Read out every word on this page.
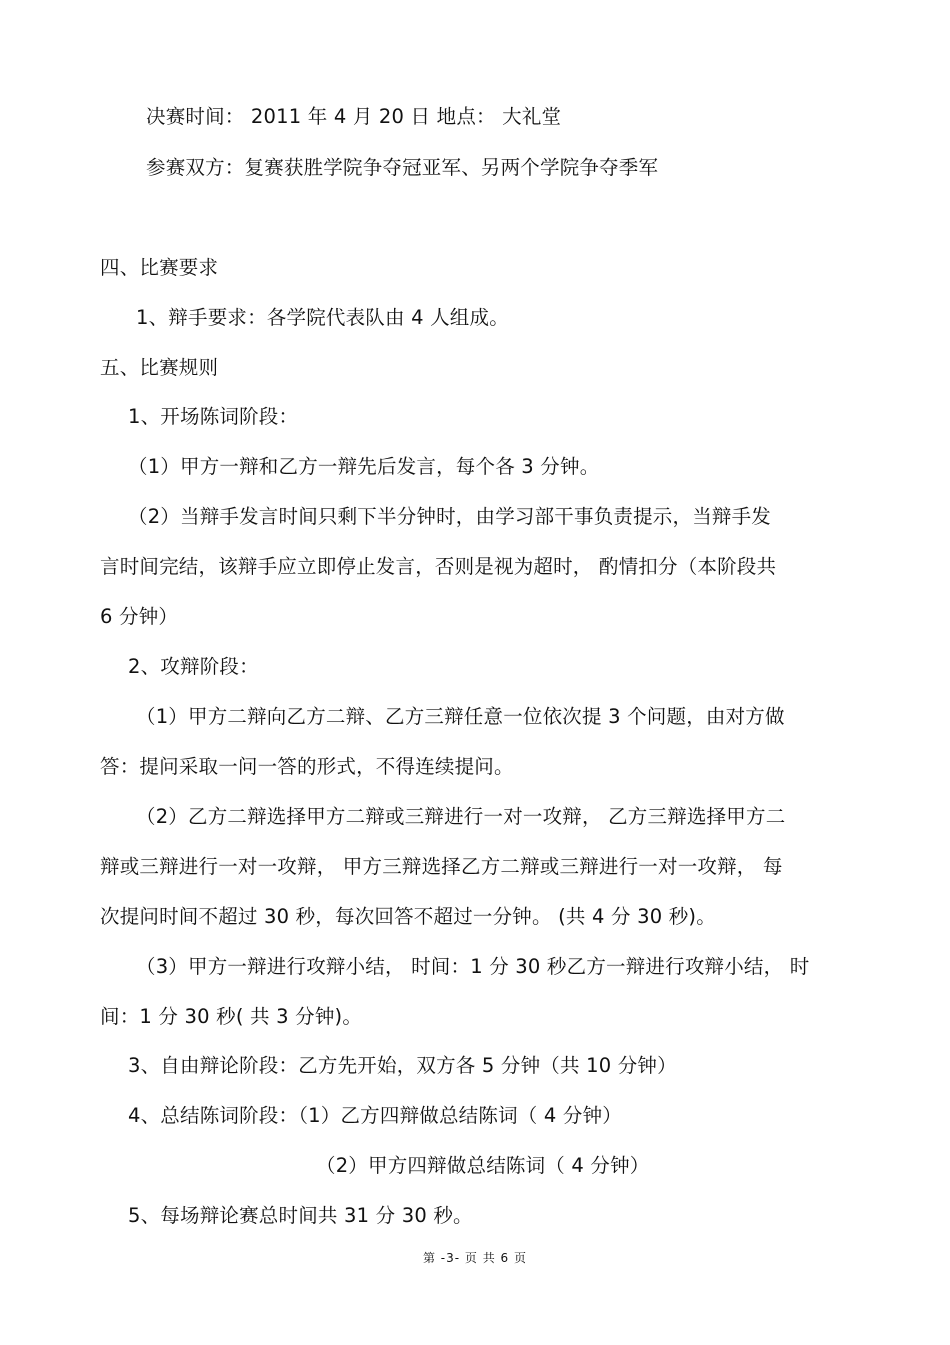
决赛时间： 2011 年 4 月 20 日 地点： 大礼堂
参赛双方：复赛获胜学院争夺冠亚军、另两个学院争夺季军
四、比赛要求
1、辩手要求：各学院代表队由 4 人组成。
五、比赛规则
1、开场陈词阶段：
（1）甲方一辩和乙方一辩先后发言，每个各 3 分钟。
（2）当辩手发言时间只剩下半分钟时，由学习部干事负责提示，当辩手发
言时间完结，该辩手应立即停止发言，否则是视为超时， 酌情扣分（本阶段共
6 分钟）
2、攻辩阶段：
（1）甲方二辩向乙方二辩、乙方三辩任意一位依次提 3 个问题，由对方做
答：提问采取一问一答的形式，不得连续提问。
（2）乙方二辩选择甲方二辩或三辩进行一对一攻辩， 乙方三辩选择甲方二
辩或三辩进行一对一攻辩， 甲方三辩选择乙方二辩或三辩进行一对一攻辩， 每
次提问时间不超过 30 秒，每次回答不超过一分钟。 (共 4 分 30 秒)。
（3）甲方一辩进行攻辩小结， 时间：1 分 30 秒乙方一辩进行攻辩小结， 时
间：1 分 30 秒( 共 3 分钟)。
3、自由辩论阶段：乙方先开始，双方各 5 分钟（共 10 分钟）
4、总结陈词阶段：（1）乙方四辩做总结陈词（ 4 分钟）
（2）甲方四辩做总结陈词（ 4 分钟）
5、每场辩论赛总时间共 31 分 30 秒。
第 -3- 页 共 6 页
